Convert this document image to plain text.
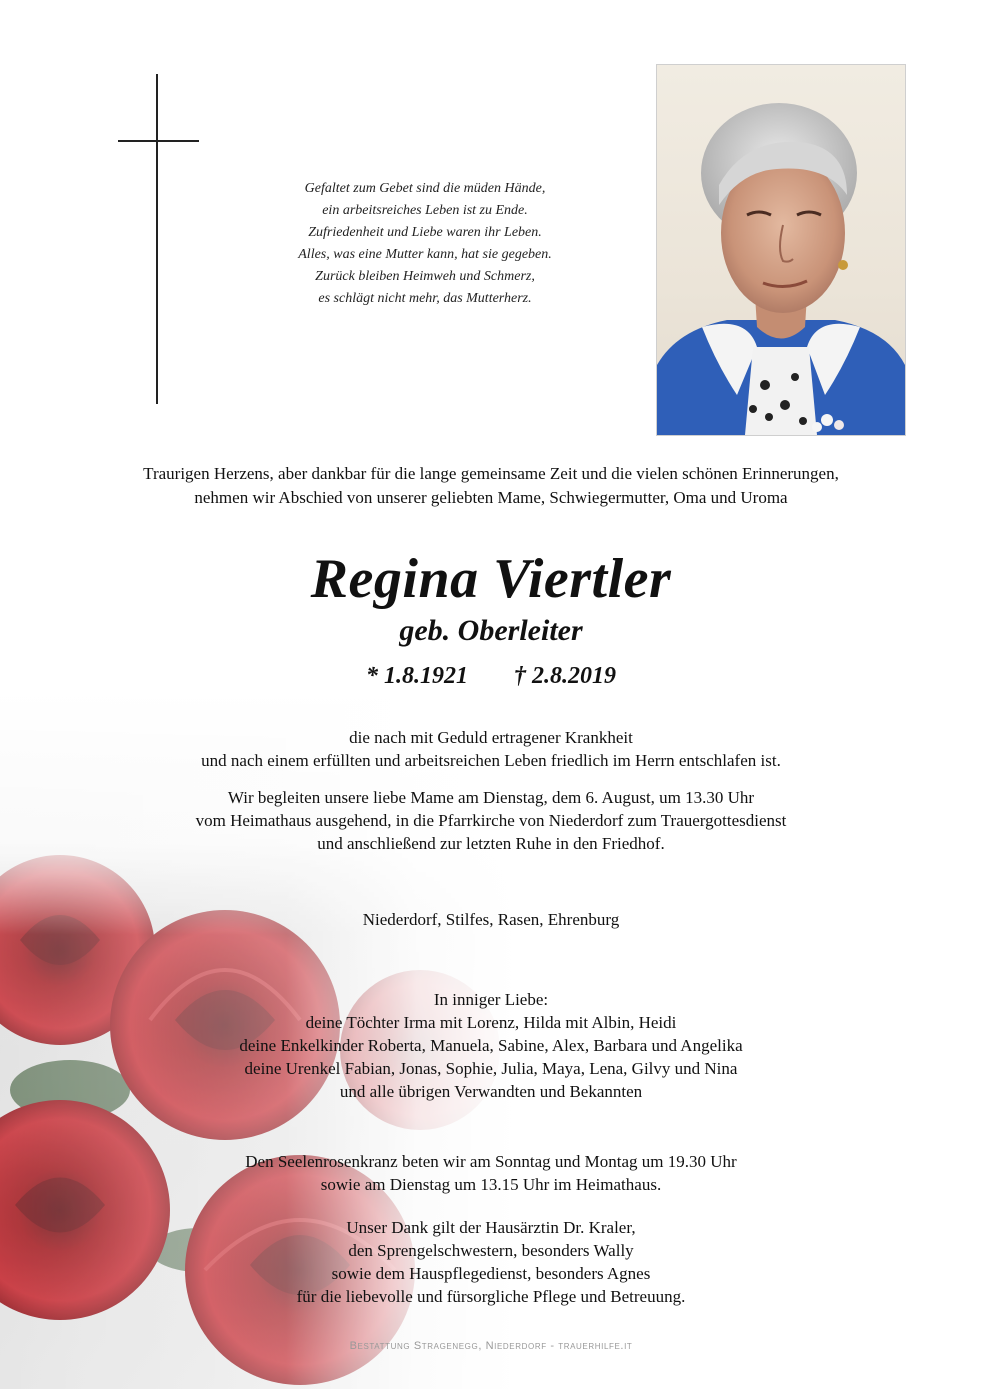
Gefaltet zum Gebet sind die müden Hände,
ein arbeitsreiches Leben ist zu Ende.
Zufriedenheit und Liebe waren ihr Leben.
Alles, was eine Mutter kann, hat sie gegeben.
Zurück bleiben Heimweh und Schmerz,
es schlägt nicht mehr, das Mutterherz.
Traurigen Herzens, aber dankbar für die lange gemeinsame Zeit und die vielen schönen Erinnerungen,
nehmen wir Abschied von unserer geliebten Mame, Schwiegermutter, Oma und Uroma
Regina Viertler
geb. Oberleiter
* 1.8.1921 † 2.8.2019
die nach mit Geduld ertragener Krankheit
und nach einem erfüllten und arbeitsreichen Leben friedlich im Herrn entschlafen ist.
Wir begleiten unsere liebe Mame am Dienstag, dem 6. August, um 13.30 Uhr
vom Heimathaus ausgehend, in die Pfarrkirche von Niederdorf zum Trauergottesdienst
und anschließend zur letzten Ruhe in den Friedhof.
Niederdorf, Stilfes, Rasen, Ehrenburg
In inniger Liebe:
deine Töchter Irma mit Lorenz, Hilda mit Albin, Heidi
deine Enkelkinder Roberta, Manuela, Sabine, Alex, Barbara und Angelika
deine Urenkel Fabian, Jonas, Sophie, Julia, Maya, Lena, Gilvy und Nina
und alle übrigen Verwandten und Bekannten
Den Seelenrosenkranz beten wir am Sonntag und Montag um 19.30 Uhr
sowie am Dienstag um 13.15 Uhr im Heimathaus.
Unser Dank gilt der Hausärztin Dr. Kraler,
den Sprengelschwestern, besonders Wally
sowie dem Hauspflegedienst, besonders Agnes
für die liebevolle und fürsorgliche Pflege und Betreuung.
Bestattung Stragenegg, Niederdorf - trauerhilfe.it
